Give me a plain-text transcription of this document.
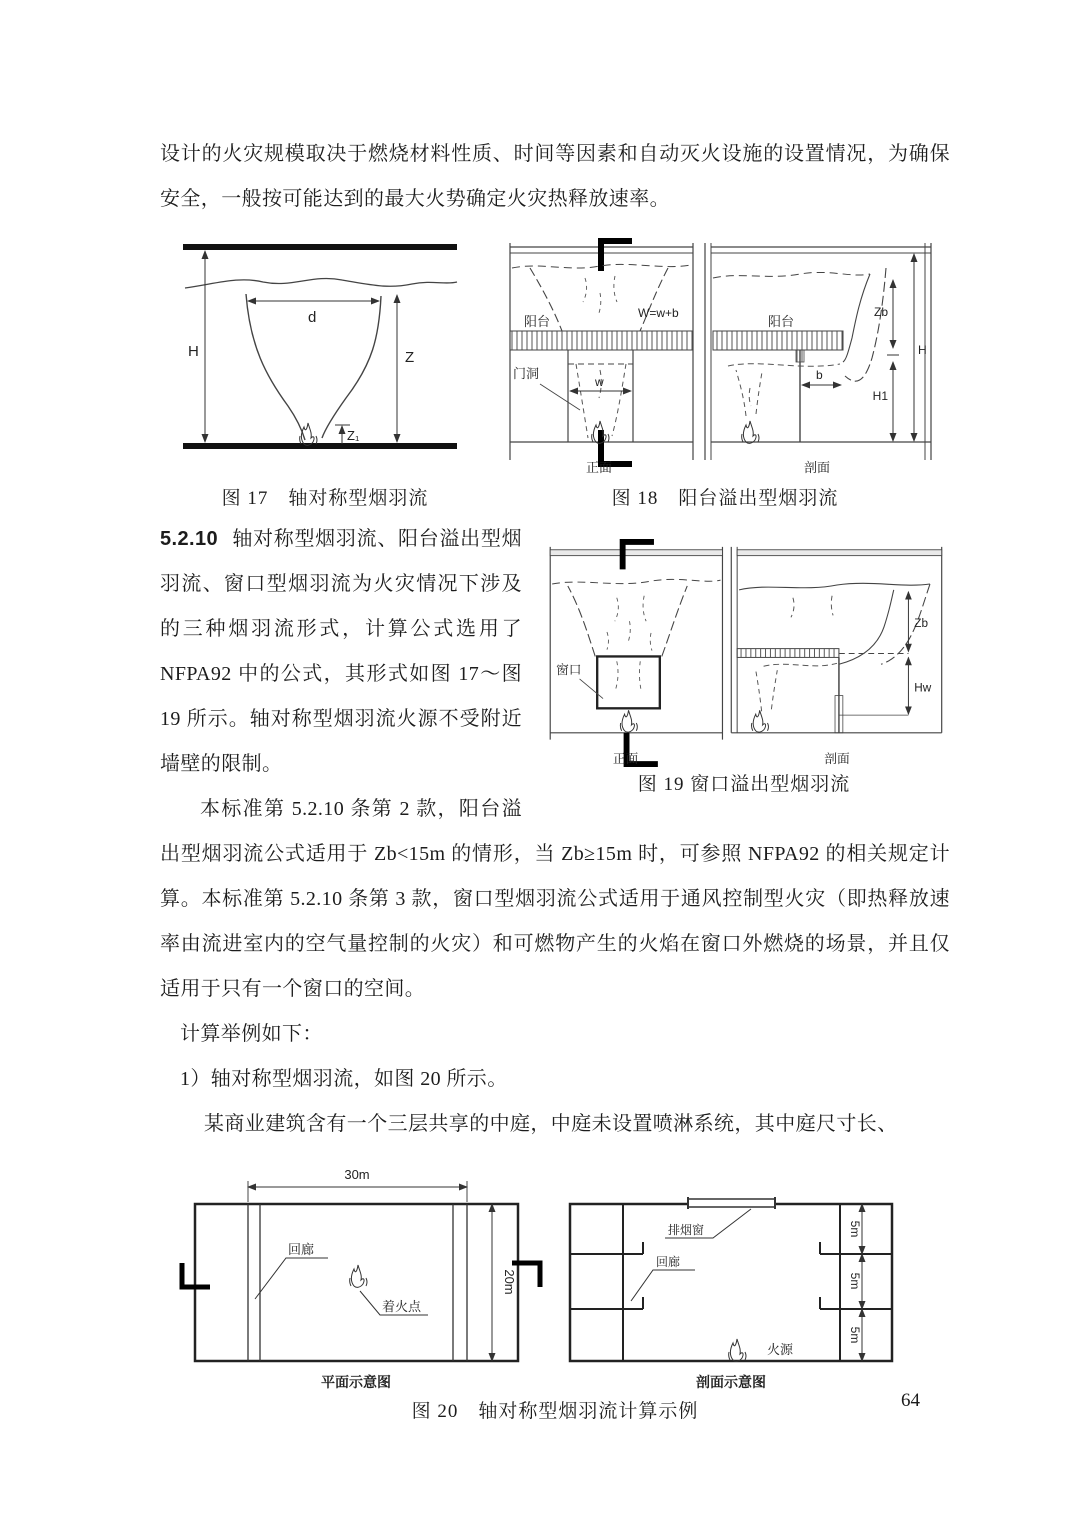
设计的火灾规模取决于燃烧材料性质、时间等因素和自动灭火设施的设置情况，为确保安全，一般按可能达到的最大火势确定火灾热释放速率。

H
d
Z
Z₁
图 17　轴对称型烟羽流
阳台
W=w+b
门洞
w
正面
阳台
b
Zb
H1
H
剖面
图 18　阳台溢出型烟羽流
窗口
正面
Zb
Hw
剖面
图 19 窗口溢出型烟羽流

5.2.10 轴对称型烟羽流、阳台溢出型烟羽流、窗口型烟羽流为火灾情况下涉及的三种烟羽流形式，计算公式选用了 NFPA92 中的公式，其形式如图 17～图 19 所示。轴对称型烟羽流火源不受附近墙壁的限制。

本标准第 5.2.10 条第 2 款，阳台溢出型烟羽流公式适用于 Zb<15m 的情形，当 Zb≥15m 时，可参照 NFPA92 的相关规定计算。本标准第 5.2.10 条第 3 款，窗口型烟羽流公式适用于通风控制型火灾（即热释放速率由流进室内的空气量控制的火灾）和可燃物产生的火焰在窗口外燃烧的场景，并且仅适用于只有一个窗口的空间。

计算举例如下：

1）轴对称型烟羽流，如图 20 所示。

某商业建筑含有一个三层共享的中庭，中庭未设置喷淋系统，其中庭尺寸长、

30m
20m
回廊
着火点
平面示意图
排烟窗
回廊
5m
5m
5m
火源
剖面示意图
图 20　轴对称型烟羽流计算示例
64
